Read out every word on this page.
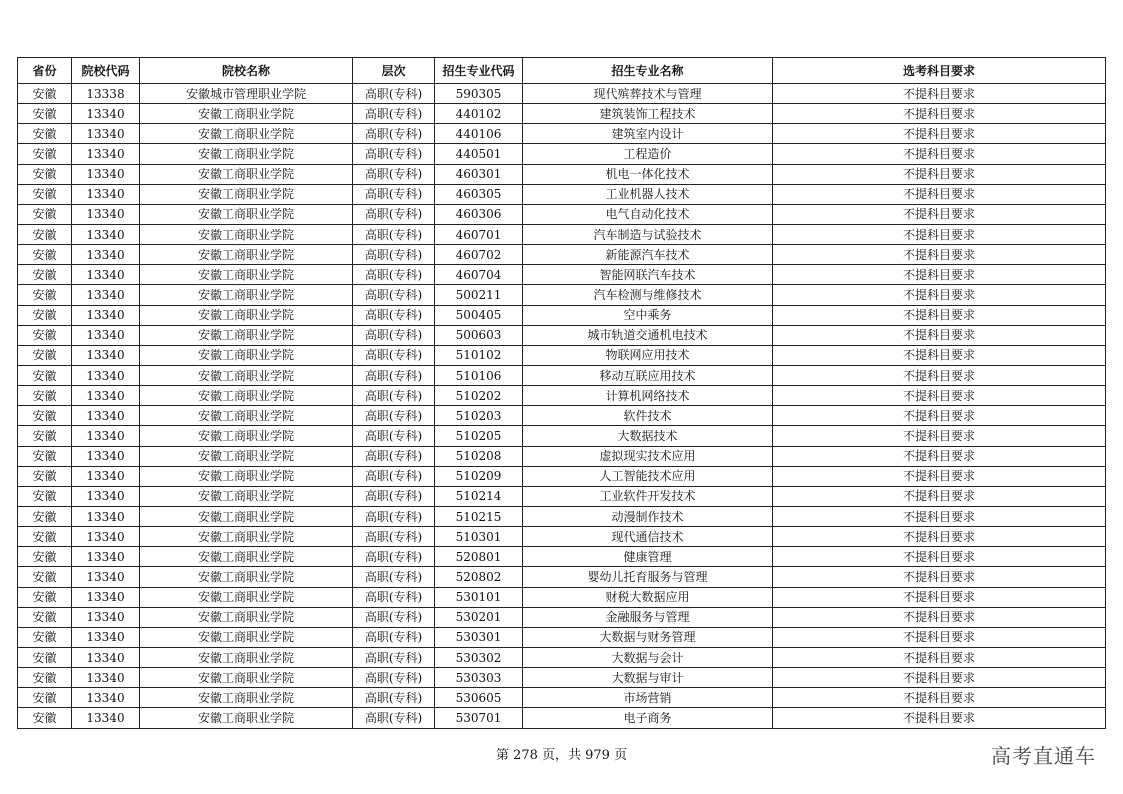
省份	院校代码	院校名称	层次	招生专业代码	招生专业名称	选考科目要求
安徽	13338	安徽城市管理职业学院	高职(专科)	590305	现代殡葬技术与管理	不提科目要求
安徽	13340	安徽工商职业学院	高职(专科)	440102	建筑装饰工程技术	不提科目要求
安徽	13340	安徽工商职业学院	高职(专科)	440106	建筑室内设计	不提科目要求
安徽	13340	安徽工商职业学院	高职(专科)	440501	工程造价	不提科目要求
安徽	13340	安徽工商职业学院	高职(专科)	460301	机电一体化技术	不提科目要求
安徽	13340	安徽工商职业学院	高职(专科)	460305	工业机器人技术	不提科目要求
安徽	13340	安徽工商职业学院	高职(专科)	460306	电气自动化技术	不提科目要求
安徽	13340	安徽工商职业学院	高职(专科)	460701	汽车制造与试验技术	不提科目要求
安徽	13340	安徽工商职业学院	高职(专科)	460702	新能源汽车技术	不提科目要求
安徽	13340	安徽工商职业学院	高职(专科)	460704	智能网联汽车技术	不提科目要求
安徽	13340	安徽工商职业学院	高职(专科)	500211	汽车检测与维修技术	不提科目要求
安徽	13340	安徽工商职业学院	高职(专科)	500405	空中乘务	不提科目要求
安徽	13340	安徽工商职业学院	高职(专科)	500603	城市轨道交通机电技术	不提科目要求
安徽	13340	安徽工商职业学院	高职(专科)	510102	物联网应用技术	不提科目要求
安徽	13340	安徽工商职业学院	高职(专科)	510106	移动互联应用技术	不提科目要求
安徽	13340	安徽工商职业学院	高职(专科)	510202	计算机网络技术	不提科目要求
安徽	13340	安徽工商职业学院	高职(专科)	510203	软件技术	不提科目要求
安徽	13340	安徽工商职业学院	高职(专科)	510205	大数据技术	不提科目要求
安徽	13340	安徽工商职业学院	高职(专科)	510208	虚拟现实技术应用	不提科目要求
安徽	13340	安徽工商职业学院	高职(专科)	510209	人工智能技术应用	不提科目要求
安徽	13340	安徽工商职业学院	高职(专科)	510214	工业软件开发技术	不提科目要求
安徽	13340	安徽工商职业学院	高职(专科)	510215	动漫制作技术	不提科目要求
安徽	13340	安徽工商职业学院	高职(专科)	510301	现代通信技术	不提科目要求
安徽	13340	安徽工商职业学院	高职(专科)	520801	健康管理	不提科目要求
安徽	13340	安徽工商职业学院	高职(专科)	520802	婴幼儿托育服务与管理	不提科目要求
安徽	13340	安徽工商职业学院	高职(专科)	530101	财税大数据应用	不提科目要求
安徽	13340	安徽工商职业学院	高职(专科)	530201	金融服务与管理	不提科目要求
安徽	13340	安徽工商职业学院	高职(专科)	530301	大数据与财务管理	不提科目要求
安徽	13340	安徽工商职业学院	高职(专科)	530302	大数据与会计	不提科目要求
安徽	13340	安徽工商职业学院	高职(专科)	530303	大数据与审计	不提科目要求
安徽	13340	安徽工商职业学院	高职(专科)	530605	市场营销	不提科目要求
安徽	13340	安徽工商职业学院	高职(专科)	530701	电子商务	不提科目要求
第 278 页，共 979 页	高考直通车
